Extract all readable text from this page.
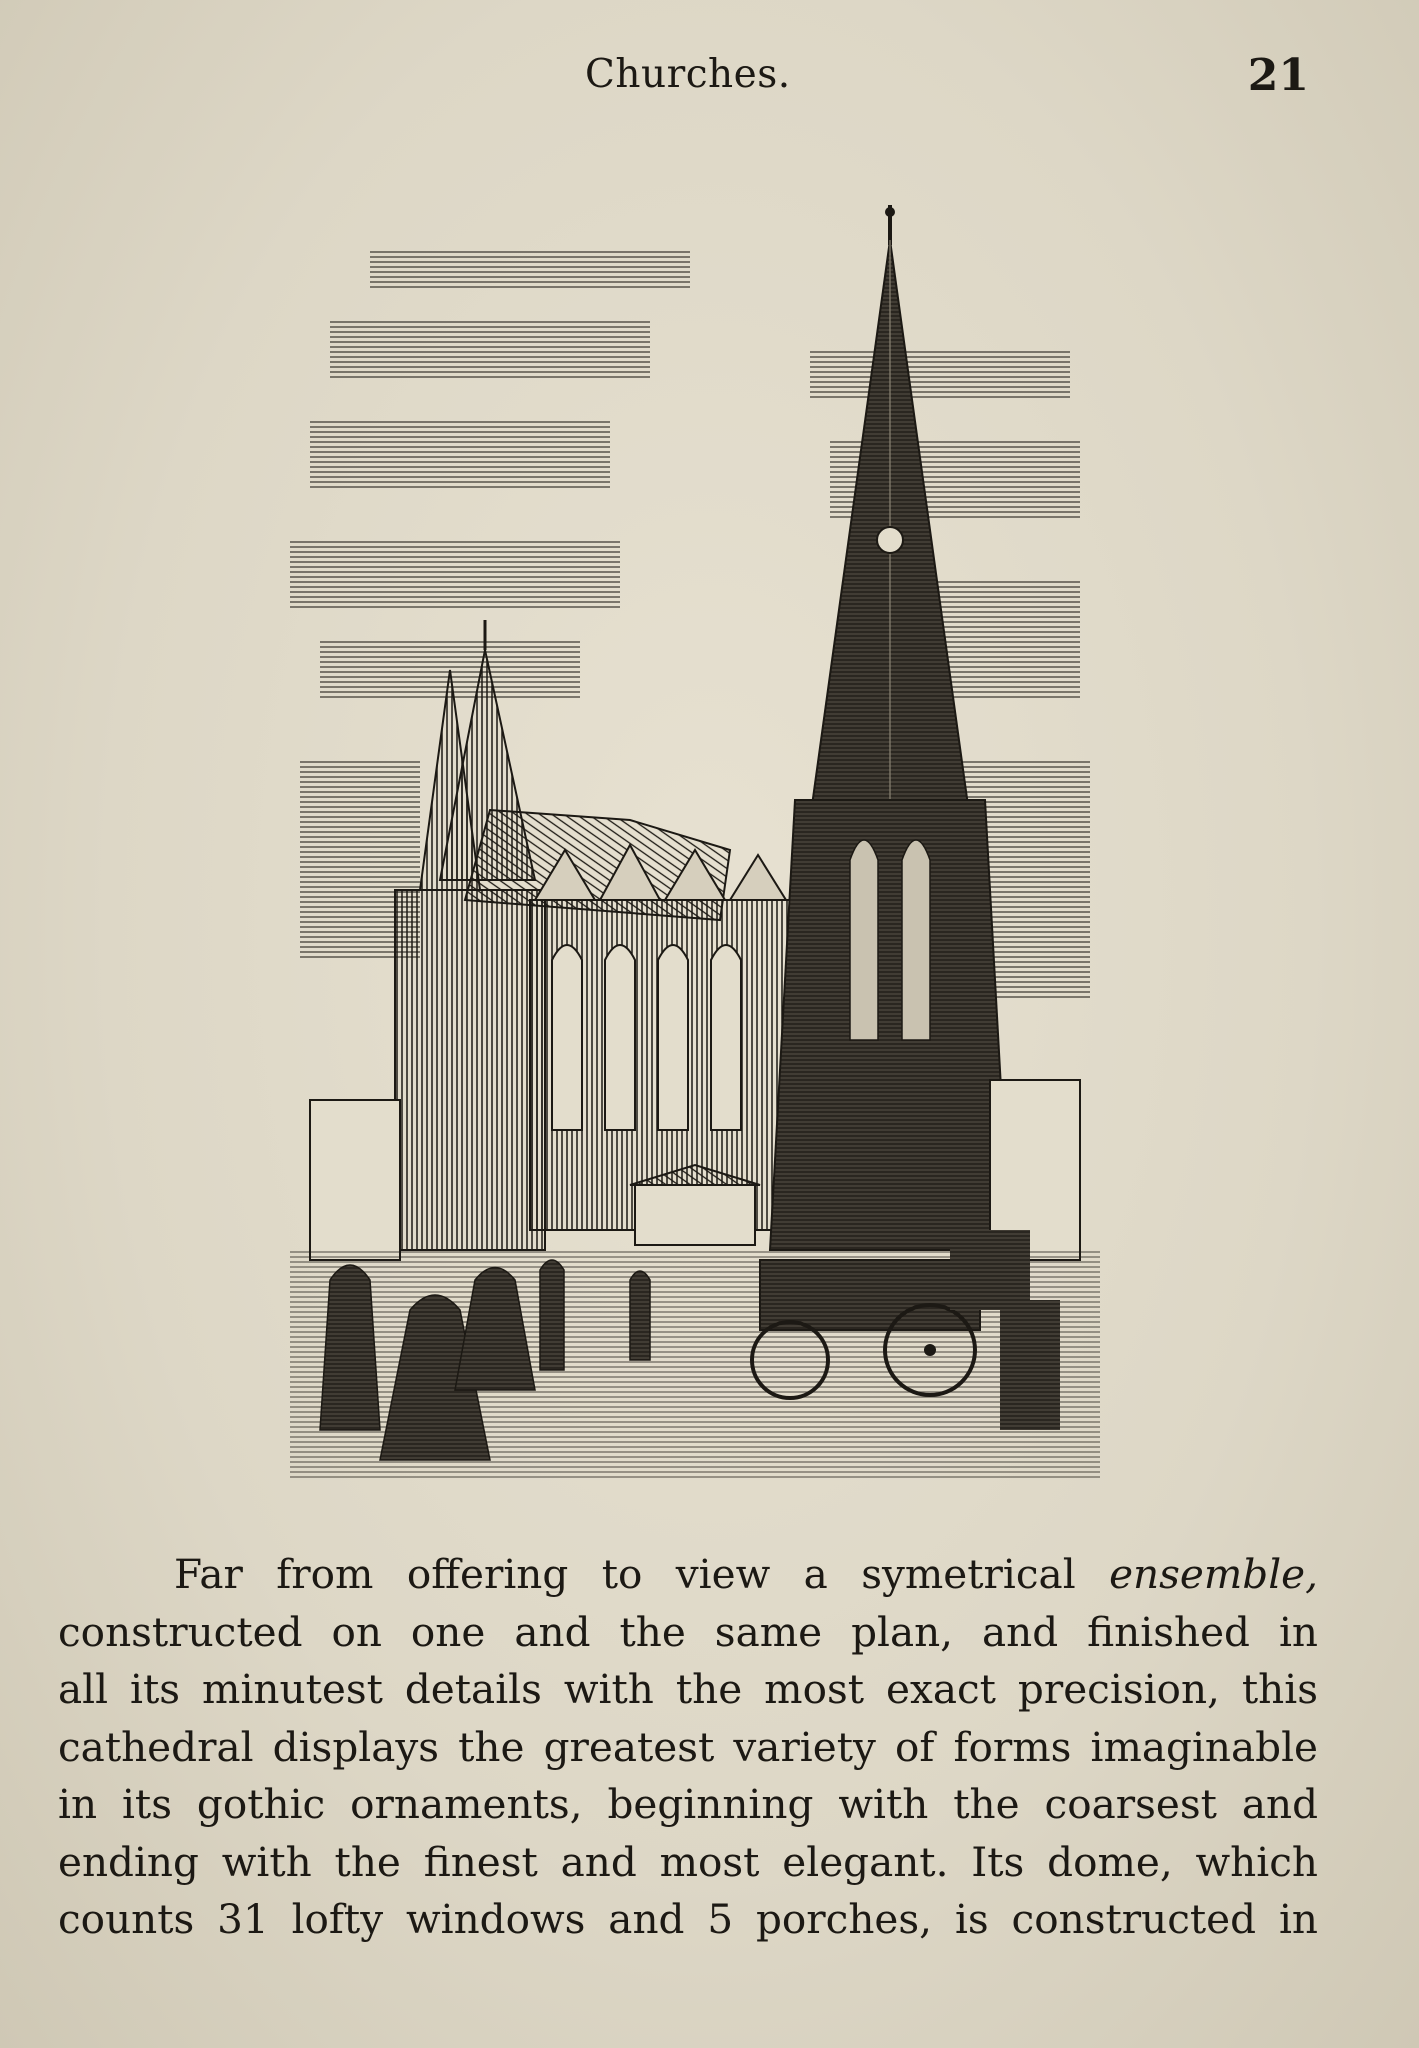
Churches.	21
Far from offering to view a symetrical ensemble,
constructed on one and the same plan, and finished in
all its minutest details with the most exact precision, this
cathedral displays the greatest variety of forms imaginable
in its gothic ornaments, beginning with the coarsest and
ending with the finest and most elegant. Its dome, which
counts 31 lofty windows and 5 porches, is constructed in
